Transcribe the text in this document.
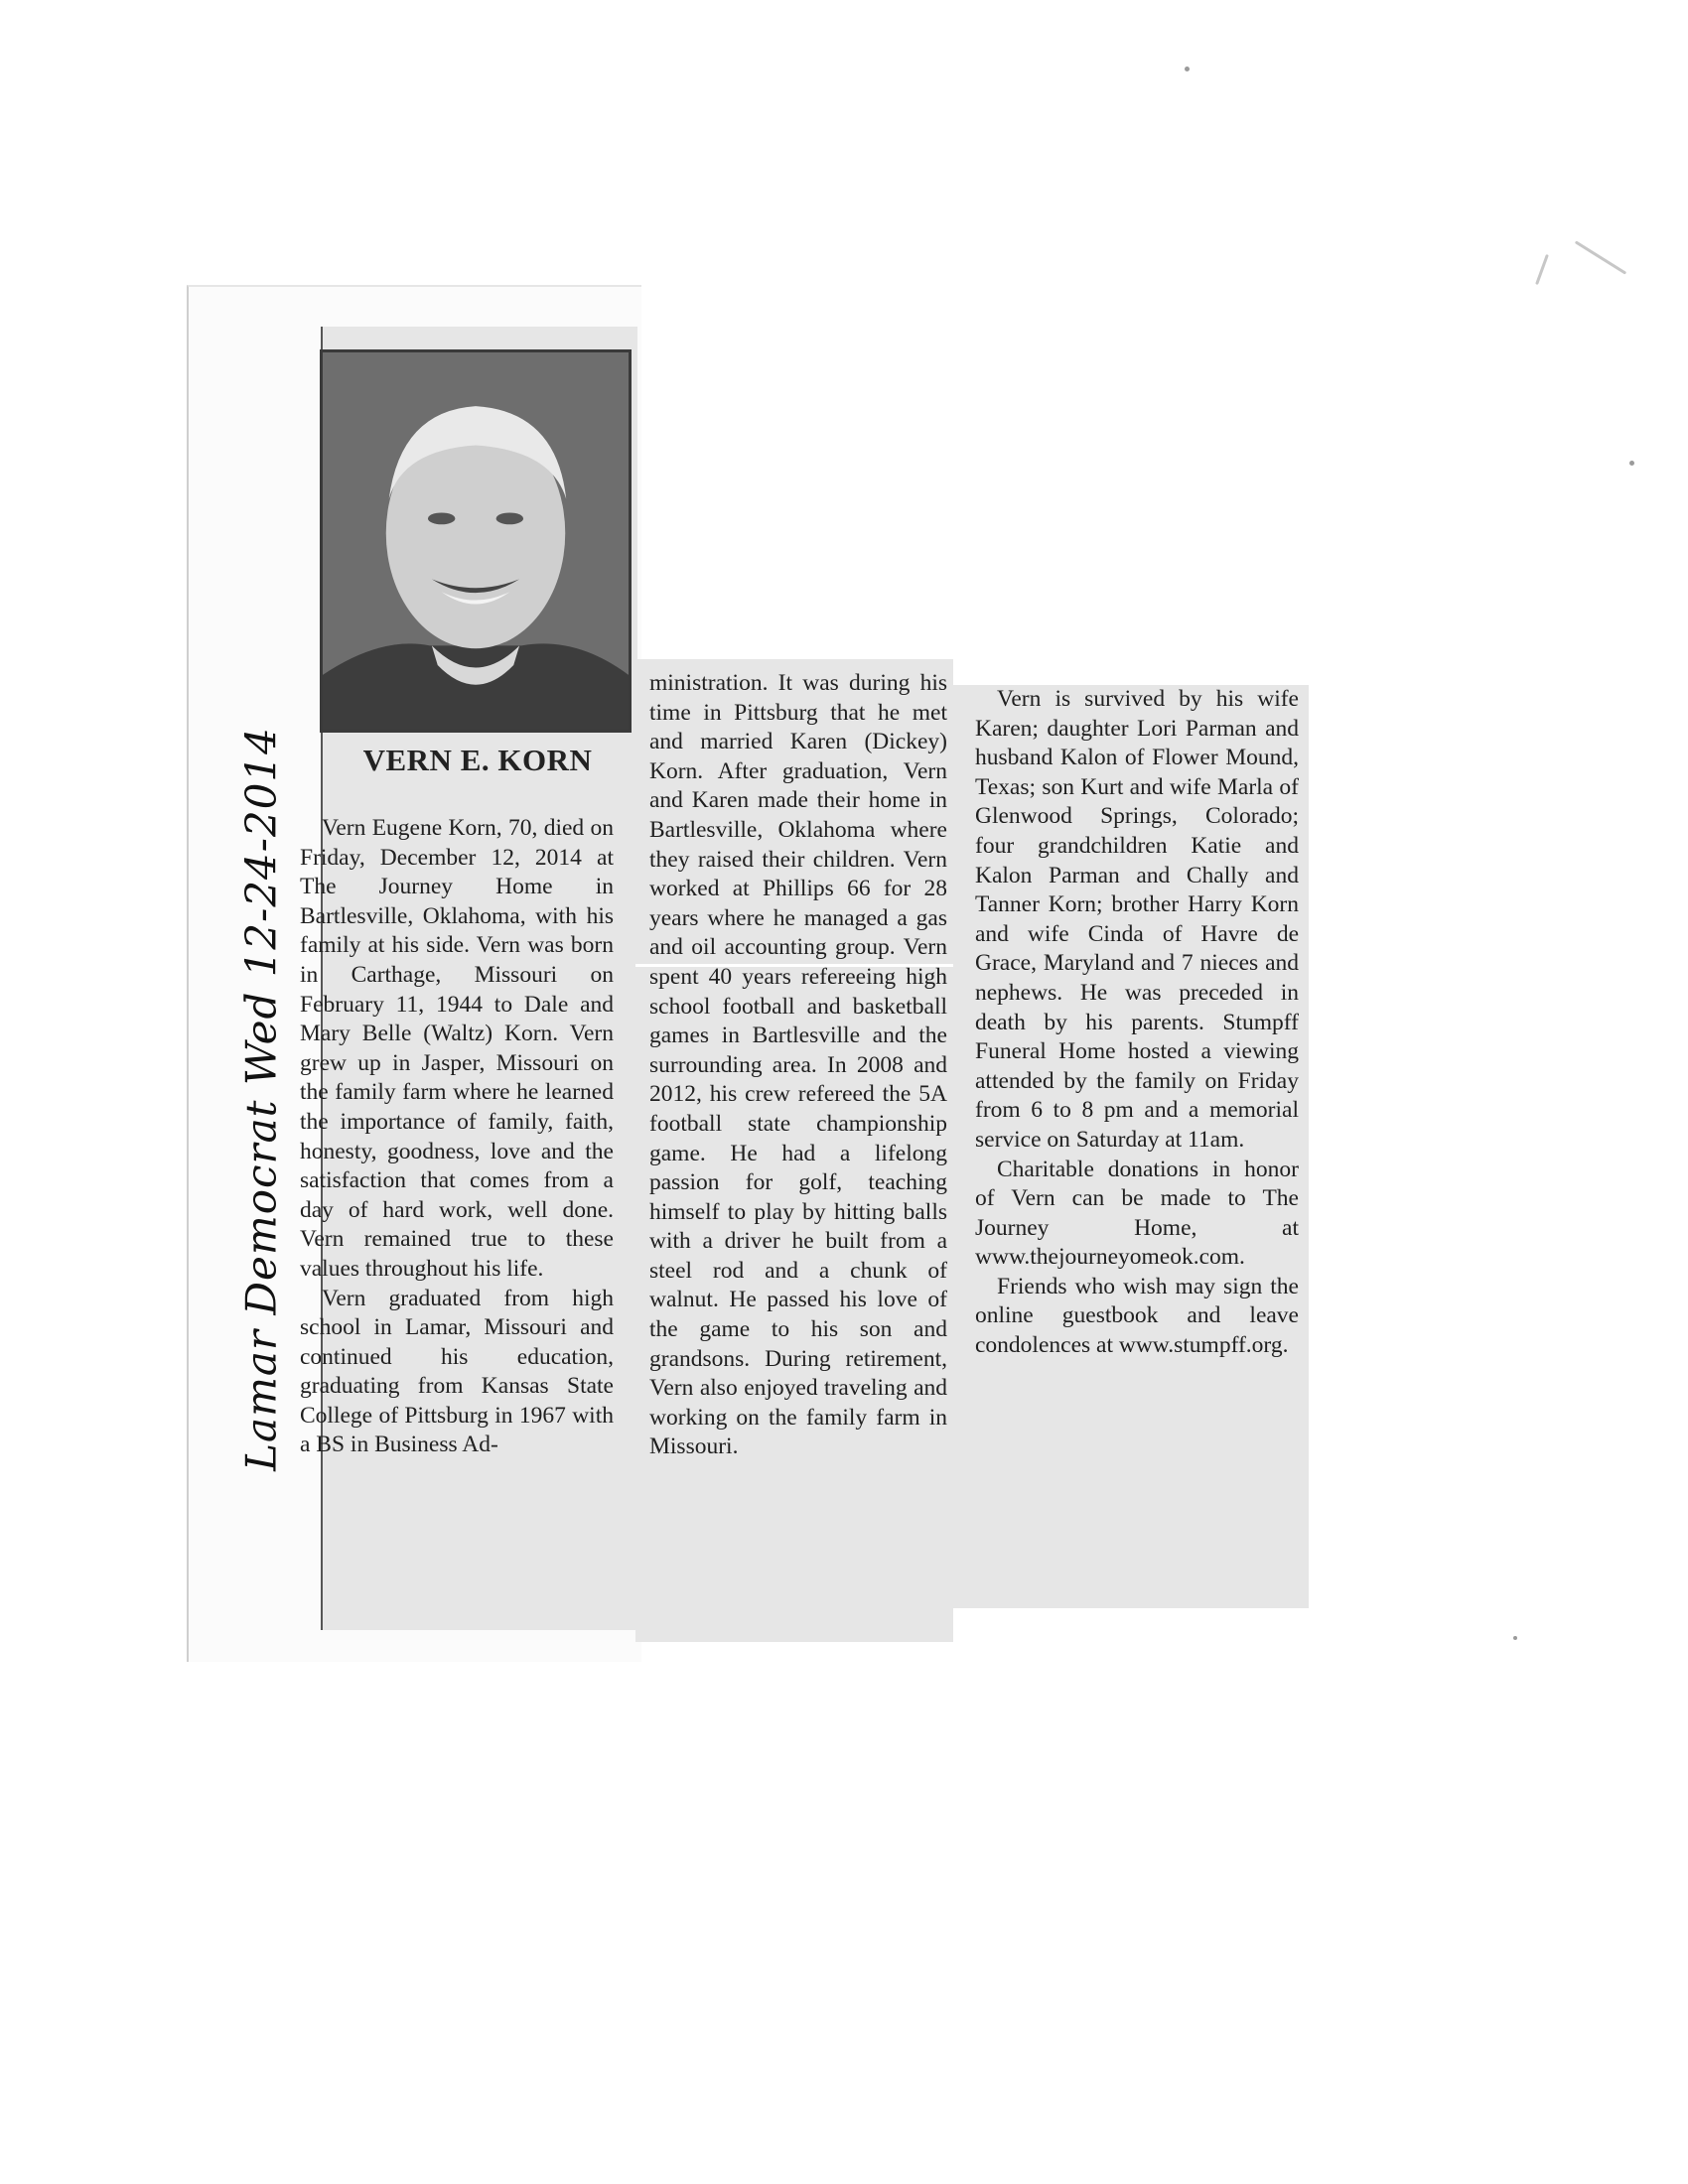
VERN E. KORN

Vern Eugene Korn, 70, died on Friday, December 12, 2014 at The Journey Home in Bartlesville, Oklahoma, with his family at his side. Vern was born in Carthage, Missouri on February 11, 1944 to Dale and Mary Belle (Waltz) Korn. Vern grew up in Jasper, Missouri on the family farm where he learned the importance of family, faith, honesty, goodness, love and the satisfaction that comes from a day of hard work, well done. Vern remained true to these values throughout his life.

Vern graduated from high school in Lamar, Missouri and continued his education, graduating from Kansas State College of Pittsburg in 1967 with a BS in Business Ad-

ministration. It was during his time in Pittsburg that he met and married Karen (Dickey) Korn. After graduation, Vern and Karen made their home in Bartlesville, Oklahoma where they raised their children. Vern worked at Phillips 66 for 28 years where he managed a gas and oil accounting group. Vern spent 40 years refereeing high school football and basketball games in Bartlesville and the surrounding area. In 2008 and 2012, his crew refereed the 5A football state championship game. He had a lifelong passion for golf, teaching himself to play by hitting balls with a driver he built from a steel rod and a chunk of walnut. He passed his love of the game to his son and grandsons. During retirement, Vern also enjoyed traveling and working on the family farm in Missouri.

Vern is survived by his wife Karen; daughter Lori Parman and husband Kalon of Flower Mound, Texas; son Kurt and wife Marla of Glenwood Springs, Colorado; four grandchildren Katie and Kalon Parman and Chally and Tanner Korn; brother Harry Korn and wife Cinda of Havre de Grace, Maryland and 7 nieces and nephews. He was preceded in death by his parents. Stumpff Funeral Home hosted a viewing attended by the family on Friday from 6 to 8 pm and a memorial service on Saturday at 11am.

Charitable donations in honor of Vern can be made to The Journey Home, at www.thejourneyomeok.com.

Friends who wish may sign the online guestbook and leave condolences at www.stumpff.org.

Lamar Democrat Wed 12-24-2014
